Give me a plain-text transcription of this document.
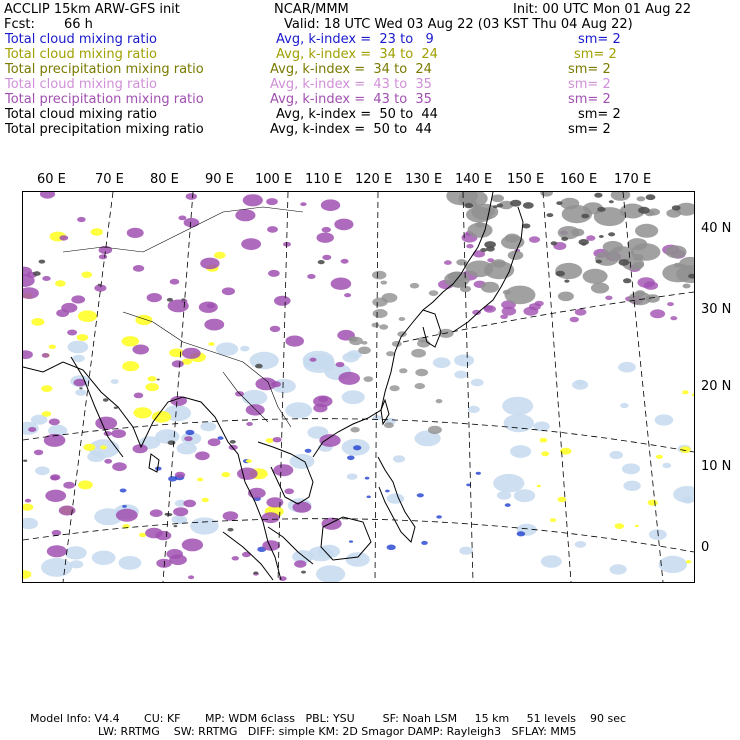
ACCLIP 15km ARW-GFS init	NCAR/MMM	Init: 00 UTC Mon 01 Aug 22
Fcst: 66 h	Valid: 18 UTC Wed 03 Aug 22 (03 KST Thu 04 Aug 22)
Total cloud mixing ratio	Avg, k-index =  23 to   9	sm= 2
Total cloud mixing ratio	Avg, k-index =  34 to  24	sm= 2
Total precipitation mixing ratio	Avg, k-index =  34 to  24	sm= 2
Total cloud mixing ratio	Avg, k-index =  43 to  35	sm= 2
Total precipitation mixing ratio	Avg, k-index =  43 to  35	sm= 2
Total cloud mixing ratio	Avg, k-index =  50 to  44	sm= 2
Total precipitation mixing ratio	Avg, k-index =  50 to  44	sm= 2
60 E 70 E 80 E 90 E 100 E 110 E 120 E 130 E 140 E 150 E 160 E 170 E
40 N
30 N
20 N
10 N
0
Model Info: V4.4       CU: KF       MP: WDM 6class   PBL: YSU        SF: Noah LSM     15 km     51 levels    90 sec
LW: RRTMG    SW: RRTMG   DIFF: simple KM: 2D Smagor DAMP: Rayleigh3   SFLAY: MM5
